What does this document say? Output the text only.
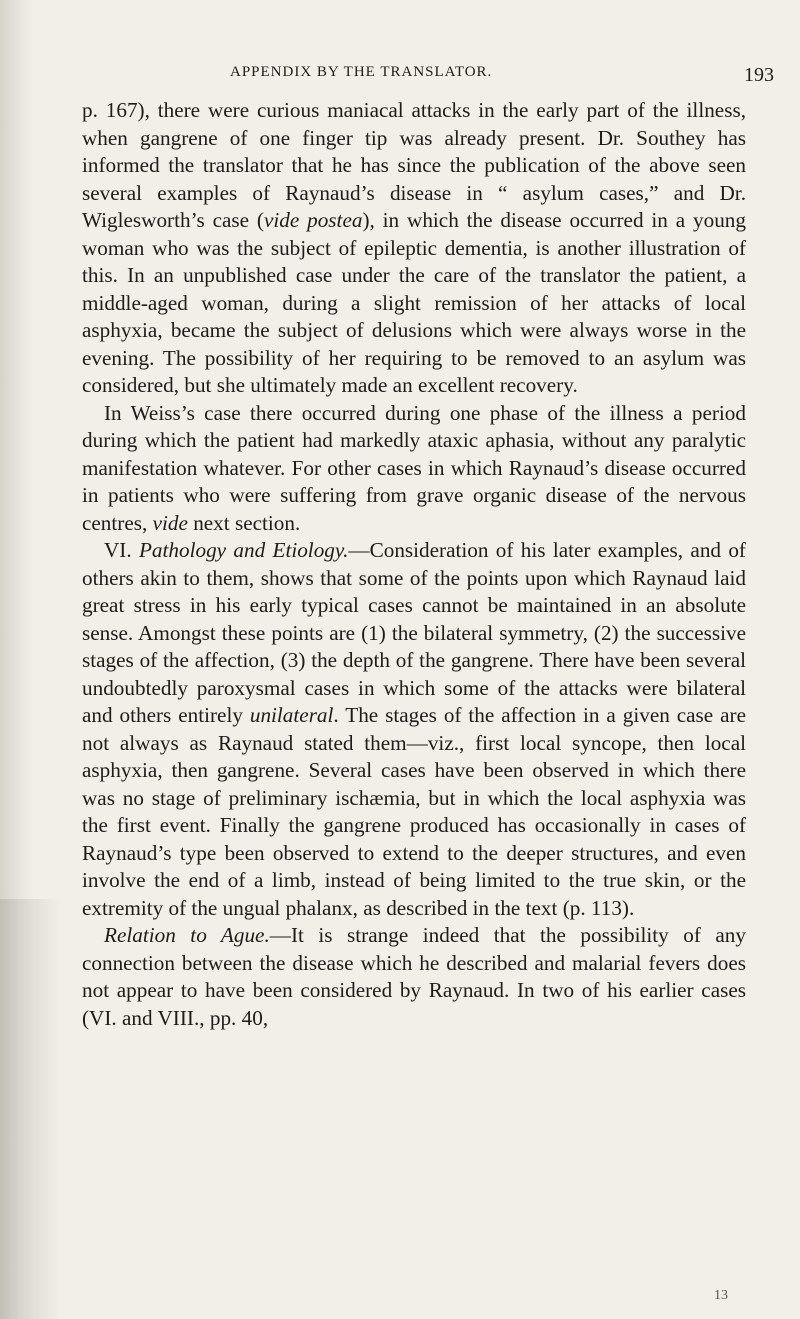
APPENDIX BY THE TRANSLATOR.	193

p. 167), there were curious maniacal attacks in the early part of the illness, when gangrene of one finger tip was already present. Dr. Southey has informed the translator that he has since the publication of the above seen several examples of Raynaud’s disease in “ asylum cases,” and Dr. Wiglesworth’s case (vide postea), in which the disease occurred in a young woman who was the subject of epileptic dementia, is another illustration of this. In an unpublished case under the care of the translator the patient, a middle-aged woman, during a slight remission of her attacks of local asphyxia, became the subject of delusions which were always worse in the evening. The possibility of her requiring to be removed to an asylum was considered, but she ultimately made an excellent recovery.

In Weiss’s case there occurred during one phase of the illness a period during which the patient had markedly ataxic aphasia, without any paralytic manifestation whatever. For other cases in which Raynaud’s disease occurred in patients who were suffering from grave organic disease of the nervous centres, vide next section.

VI. Pathology and Etiology.—Consideration of his later examples, and of others akin to them, shows that some of the points upon which Raynaud laid great stress in his early typical cases cannot be maintained in an absolute sense. Amongst these points are (1) the bilateral symmetry, (2) the successive stages of the affection, (3) the depth of the gangrene. There have been several undoubtedly paroxysmal cases in which some of the attacks were bilateral and others entirely unilateral. The stages of the affection in a given case are not always as Raynaud stated them—viz., first local syncope, then local asphyxia, then gangrene. Several cases have been observed in which there was no stage of preliminary ischæmia, but in which the local asphyxia was the first event. Finally the gangrene produced has occasionally in cases of Raynaud’s type been observed to extend to the deeper structures, and even involve the end of a limb, instead of being limited to the true skin, or the extremity of the ungual phalanx, as described in the text (p. 113).

Relation to Ague.—It is strange indeed that the possibility of any connection between the disease which he described and malarial fevers does not appear to have been considered by Raynaud. In two of his earlier cases (VI. and VIII., pp. 40,

13
